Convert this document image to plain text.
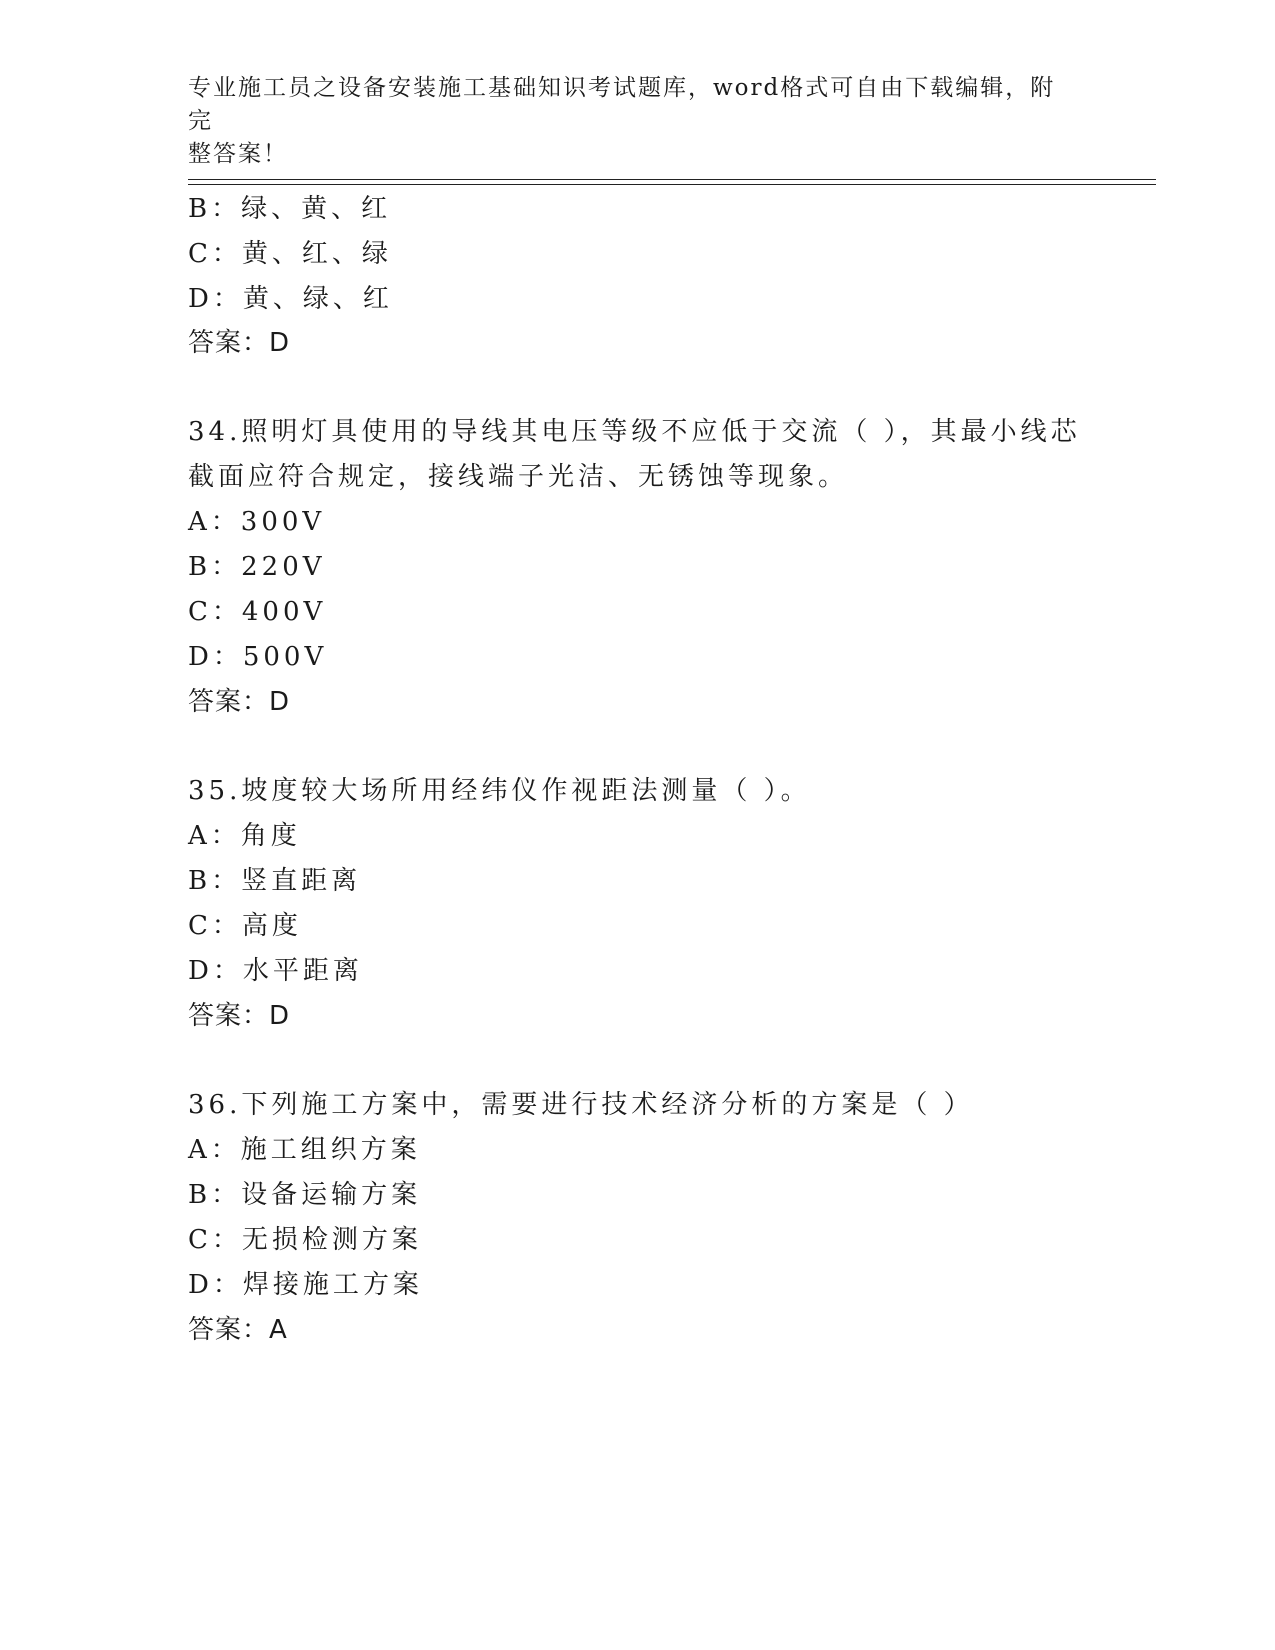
专业施工员之设备安装施工基础知识考试题库，word格式可自由下载编辑，附完
整答案！
B：绿、黄、红
C：黄、红、绿
D：黄、绿、红
答案：D
34.照明灯具使用的导线其电压等级不应低于交流（ ），其最小线芯
截面应符合规定，接线端子光洁、无锈蚀等现象。
A：300V
B：220V
C：400V
D：500V
答案：D
35.坡度较大场所用经纬仪作视距法测量（ ）。
A：角度
B：竖直距离
C：高度
D：水平距离
答案：D
36.下列施工方案中，需要进行技术经济分析的方案是（ ）
A：施工组织方案
B：设备运输方案
C：无损检测方案
D：焊接施工方案
答案：A
